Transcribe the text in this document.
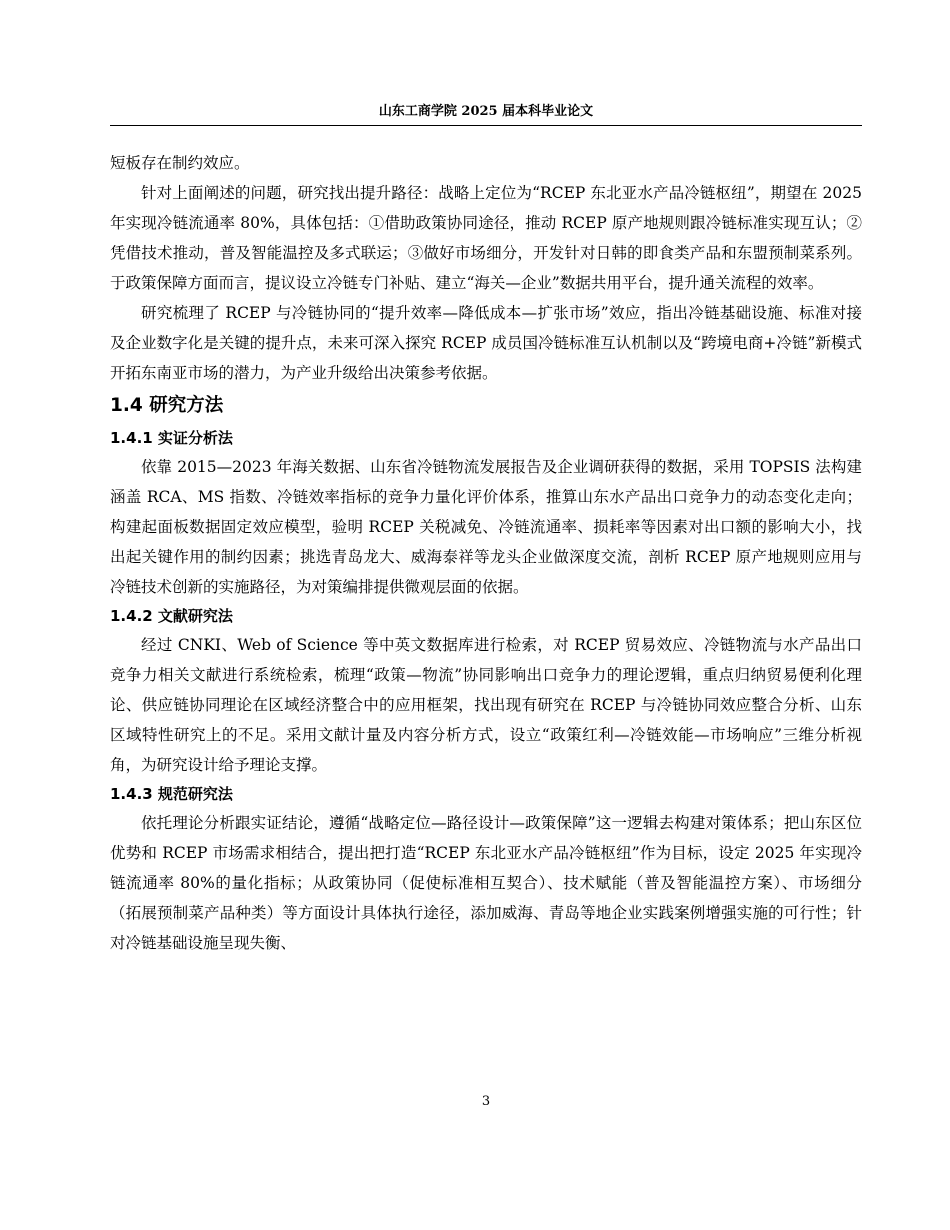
山东工商学院 2025 届本科毕业论文

短板存在制约效应。

针对上面阐述的问题，研究找出提升路径：战略上定位为“RCEP 东北亚水产品冷链枢纽”，期望在 2025 年实现冷链流通率 80%，具体包括：①借助政策协同途径，推动 RCEP 原产地规则跟冷链标准实现互认；②凭借技术推动，普及智能温控及多式联运；③做好市场细分，开发针对日韩的即食类产品和东盟预制菜系列。于政策保障方面而言，提议设立冷链专门补贴、建立“海关—企业”数据共用平台，提升通关流程的效率。

研究梳理了 RCEP 与冷链协同的“提升效率—降低成本—扩张市场”效应，指出冷链基础设施、标准对接及企业数字化是关键的提升点，未来可深入探究 RCEP 成员国冷链标准互认机制以及“跨境电商+冷链”新模式开拓东南亚市场的潜力，为产业升级给出决策参考依据。

1.4 研究方法
1.4.1 实证分析法

依靠 2015—2023 年海关数据、山东省冷链物流发展报告及企业调研获得的数据，采用 TOPSIS 法构建涵盖 RCA、MS 指数、冷链效率指标的竞争力量化评价体系，推算山东水产品出口竞争力的动态变化走向；构建起面板数据固定效应模型，验明 RCEP 关税减免、冷链流通率、损耗率等因素对出口额的影响大小，找出起关键作用的制约因素；挑选青岛龙大、威海泰祥等龙头企业做深度交流，剖析 RCEP 原产地规则应用与冷链技术创新的实施路径，为对策编排提供微观层面的依据。

1.4.2 文献研究法

经过 CNKI、Web of Science 等中英文数据库进行检索，对 RCEP 贸易效应、冷链物流与水产品出口竞争力相关文献进行系统检索，梳理“政策—物流”协同影响出口竞争力的理论逻辑，重点归纳贸易便利化理论、供应链协同理论在区域经济整合中的应用框架，找出现有研究在 RCEP 与冷链协同效应整合分析、山东区域特性研究上的不足。采用文献计量及内容分析方式，设立“政策红利—冷链效能—市场响应”三维分析视角，为研究设计给予理论支撑。

1.4.3 规范研究法

依托理论分析跟实证结论，遵循“战略定位—路径设计—政策保障”这一逻辑去构建对策体系；把山东区位优势和 RCEP 市场需求相结合，提出把打造“RCEP 东北亚水产品冷链枢纽”作为目标，设定 2025 年实现冷链流通率 80%的量化指标；从政策协同（促使标准相互契合）、技术赋能（普及智能温控方案）、市场细分（拓展预制菜产品种类）等方面设计具体执行途径，添加威海、青岛等地企业实践案例增强实施的可行性；针对冷链基础设施呈现失衡、

3
